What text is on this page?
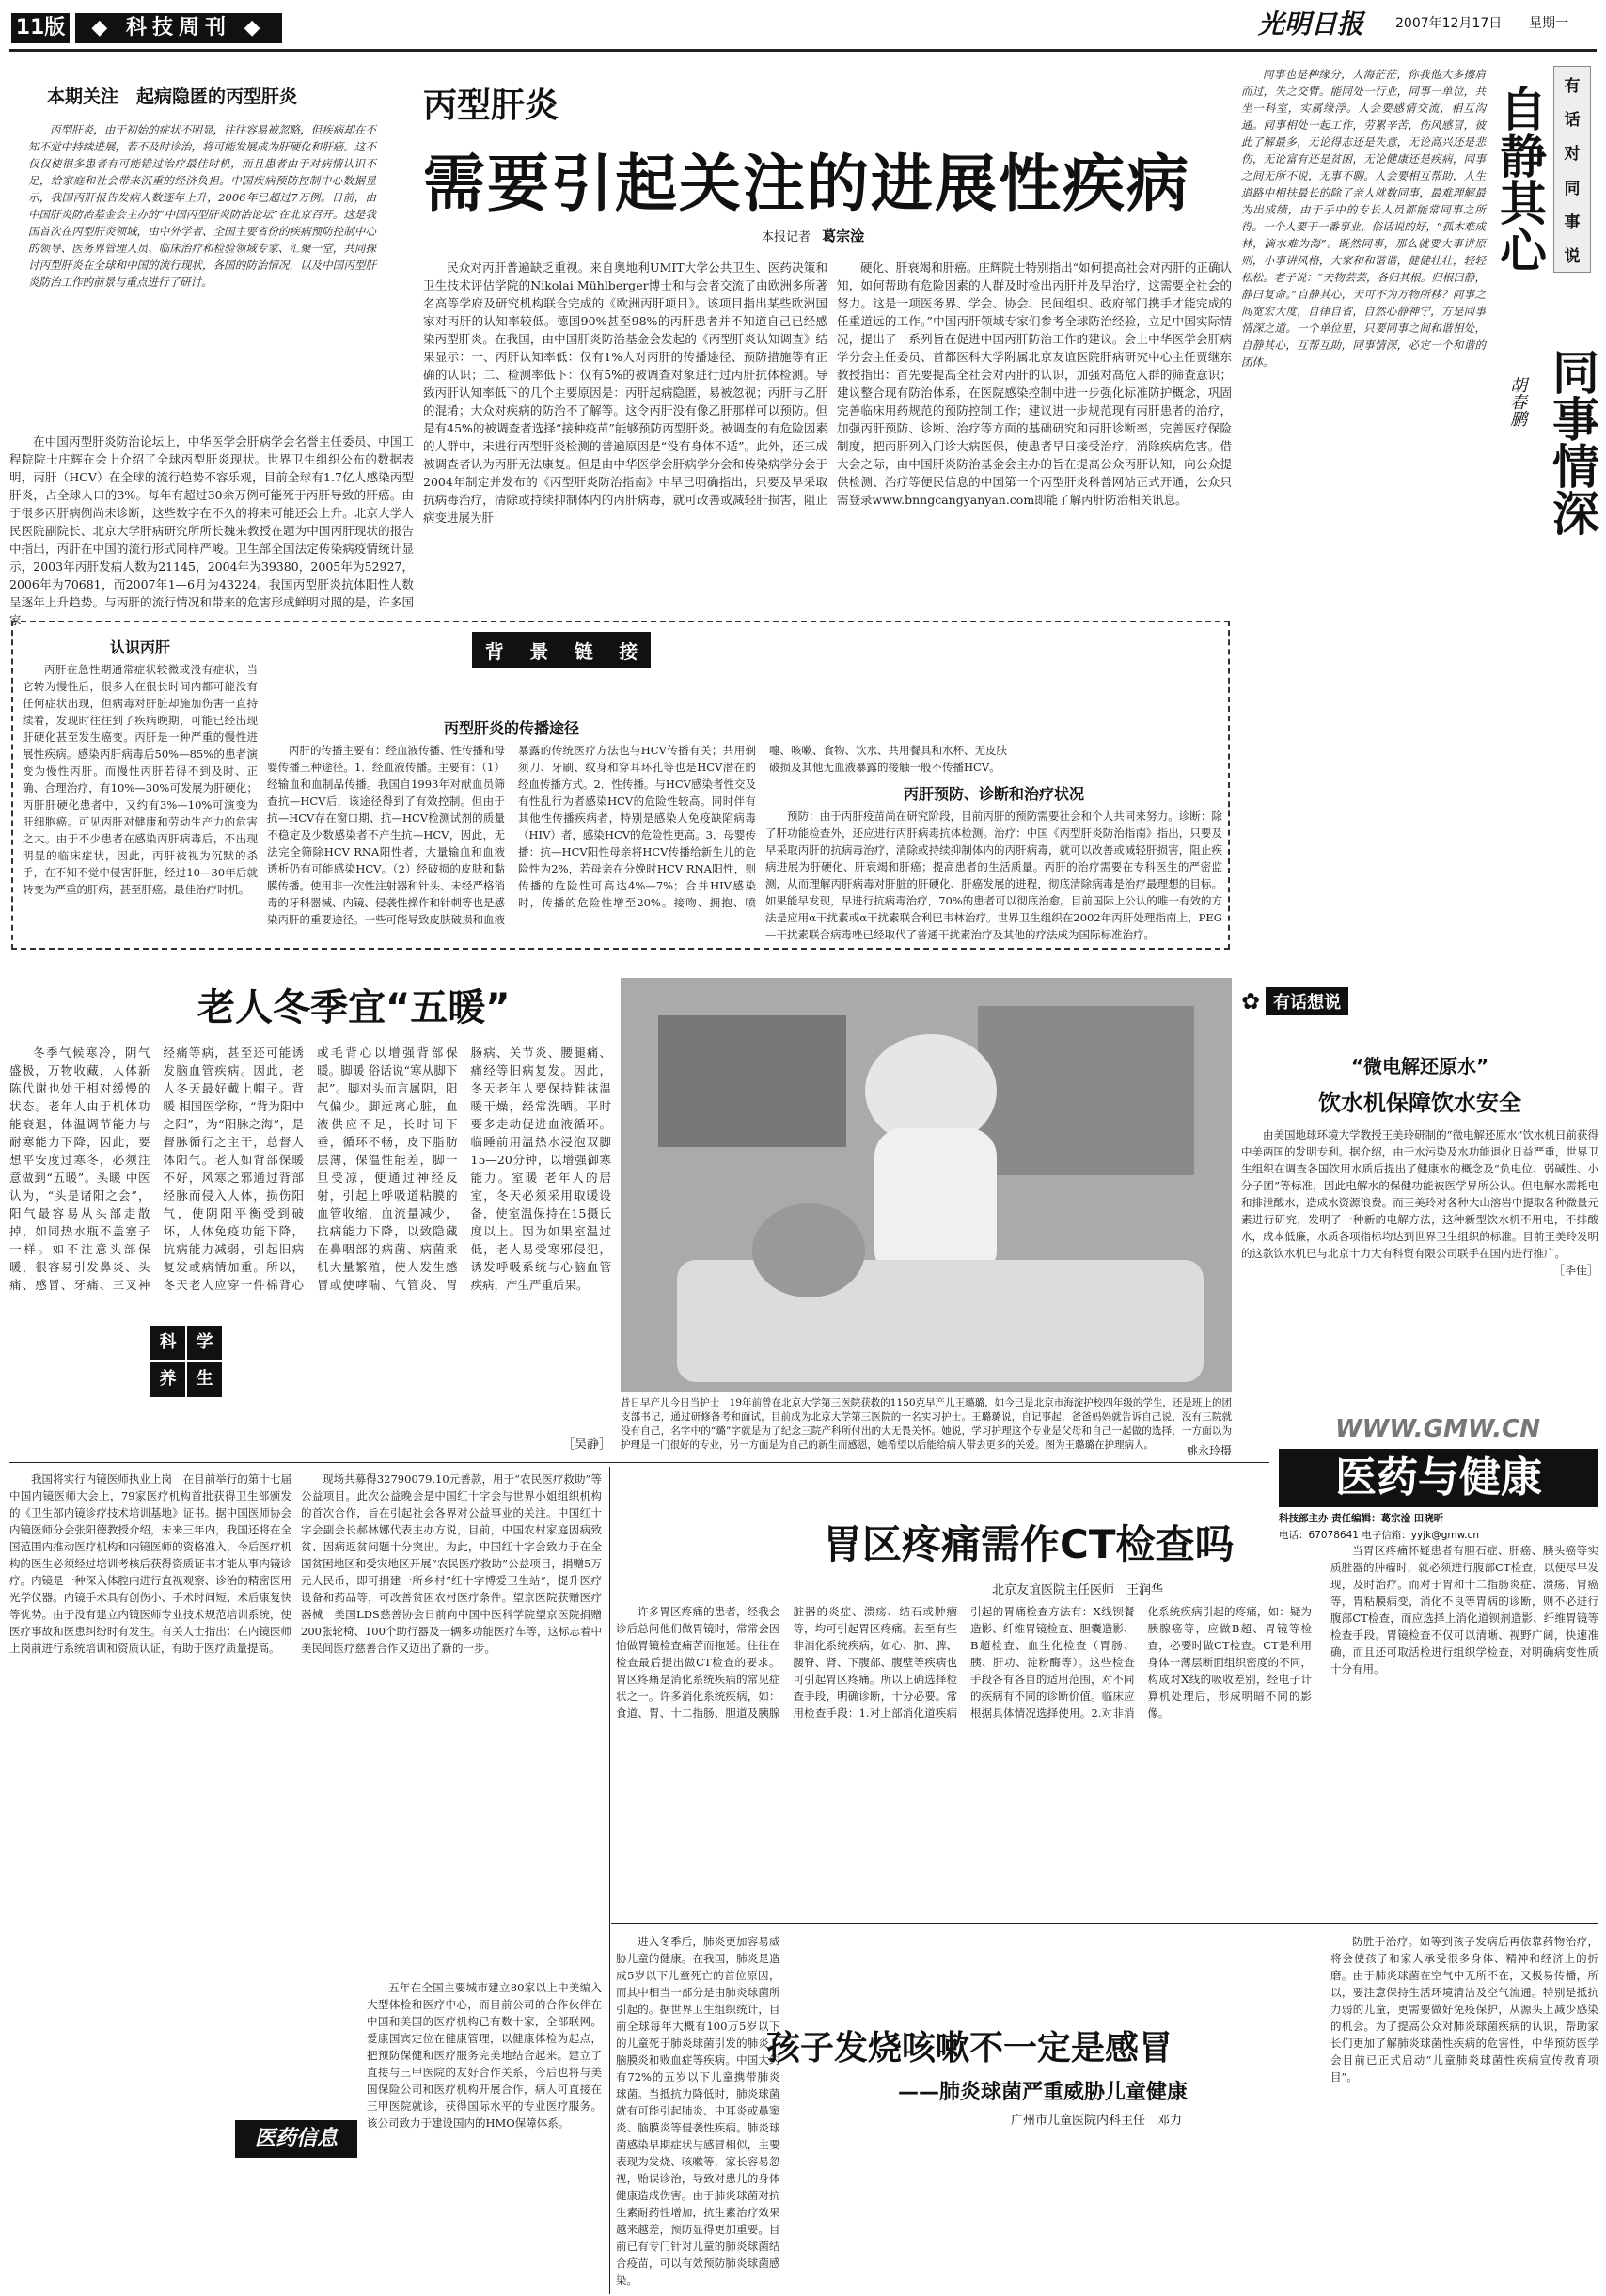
11版	◆ 科技周刊 ◆	光明日报	2007年12月17日	星期一
本期关注　起病隐匿的丙型肝炎
丙型肝炎，由于初始的症状不明显，往往容易被忽略，但疾病却在不知不觉中持续进展，若不及时诊治，将可能发展成为肝硬化和肝癌。这不仅仅使很多患者有可能错过治疗最佳时机，而且患者由于对病情认识不足，给家庭和社会带来沉重的经济负担。中国疾病预防控制中心数据显示，我国丙肝报告发病人数逐年上升，2006年已超过7万例。日前，由中国肝炎防治基金会主办的“中国丙型肝炎防治论坛”在北京召开。这是我国首次在丙型肝炎领域，由中外学者、全国主要省份的疾病预防控制中心的领导、医务界管理人员、临床治疗和检验领域专家、汇聚一堂，共同探讨丙型肝炎在全球和中国的流行现状，各国的防治情况，以及中国丙型肝炎防治工作的前景与重点进行了研讨。
丙型肝炎
需要引起关注的进展性疾病
本报记者 葛宗淦
在中国丙型肝炎防治论坛上，中华医学会肝病学会名誉主任委员、中国工程院院士庄辉在会上介绍了全球丙型肝炎现状。世界卫生组织公布的数据表明，丙肝（HCV）在全球的流行趋势不容乐观，目前全球有1.7亿人感染丙型肝炎，占全球人口的3%。每年有超过30余万例可能死于丙肝导致的肝癌。由于很多丙肝病例尚未诊断，这些数字在不久的将来可能还会上升。北京大学人民医院副院长、北京大学肝病研究所所长魏来教授在题为中国丙肝现状的报告中指出，丙肝在中国的流行形式同样严峻。卫生部全国法定传染病疫情统计显示，2003年丙肝发病人数为21145，2004年为39380，2005年为52927，2006年为70681，而2007年1—6月为43224。我国丙型肝炎抗体阳性人数呈逐年上升趋势。与丙肝的流行情况和带来的危害形成鲜明对照的是，许多国家
民众对丙肝普遍缺乏重视。来自奥地利UMIT大学公共卫生、医药决策和卫生技术评估学院的Nikolai Mühlberger博士和与会者交流了由欧洲多所著名高等学府及研究机构联合完成的《欧洲丙肝项目》。该项目指出某些欧洲国家对丙肝的认知率较低。德国90%甚至98%的丙肝患者并不知道自己已经感染丙型肝炎。在我国，由中国肝炎防治基金会发起的《丙型肝炎认知调查》结果显示：一、丙肝认知率低：仅有1%人对丙肝的传播途径、预防措施等有正确的认识；二、检测率低下：仅有5%的被调查对象进行过丙肝抗体检测。导致丙肝认知率低下的几个主要原因是：丙肝起病隐匿，易被忽视；丙肝与乙肝的混淆；大众对疾病的防治不了解等。这令丙肝没有像乙肝那样可以预防。但是有45%的被调查者选择“接种疫苗”能够预防丙型肝炎。被调查的有危险因素的人群中，未进行丙型肝炎检测的普遍原因是“没有身体不适”。此外，还三成被调查者认为丙肝无法康复。但是由中华医学会肝病学分会和传染病学分会于2004年制定并发布的《丙型肝炎防治指南》中早已明确指出，只要及早采取抗病毒治疗，清除或持续抑制体内的丙肝病毒，就可改善或减轻肝损害，阻止病变进展为肝
硬化、肝衰竭和肝癌。庄辉院士特别指出“如何提高社会对丙肝的正确认知，如何帮助有危险因素的人群及时检出丙肝并及早治疗，这需要全社会的努力。这是一项医务界、学会、协会、民间组织、政府部门携手才能完成的任重道远的工作。”中国丙肝领域专家们参考全球防治经验，立足中国实际情况，提出了一系列旨在促进中国丙肝防治工作的建议。会上中华医学会肝病学分会主任委员、首都医科大学附属北京友谊医院肝病研究中心主任贾继东教授指出：首先要提高全社会对丙肝的认识，加强对高危人群的筛查意识；建议整合现有防治体系，在医院感染控制中进一步强化标准防护概念，巩固完善临床用药规范的预防控制工作；建议进一步规范现有丙肝患者的治疗，加强丙肝预防、诊断、治疗等方面的基础研究和丙肝诊断率，完善医疗保险制度，把丙肝列入门诊大病医保，使患者早日接受治疗，消除疾病危害。借大会之际，由中国肝炎防治基金会主办的旨在提高公众丙肝认知，向公众提供检测、治疗等便民信息的中国第一个丙型肝炎科普网站正式开通，公众只需登录www.bnngcangyanyan.com即能了解丙肝防治相关讯息。
背 景 链 接
认识丙肝
丙肝在急性期通常症状较微或没有症状，当它转为慢性后，很多人在很长时间内都可能没有任何症状出现，但病毒对肝脏却施加伤害一直持续着，发现时往往到了疾病晚期，可能已经出现肝硬化甚至发生癌变。丙肝是一种严重的慢性进展性疾病。感染丙肝病毒后50%—85%的患者演变为慢性丙肝。而慢性丙肝若得不到及时、正确、合理治疗，有10%—30%可发展为肝硬化；丙肝肝硬化患者中，又约有3%—10%可演变为肝细胞癌。可见丙肝对健康和劳动生产力的危害之大。由于不少患者在感染丙肝病毒后，不出现明显的临床症状，因此，丙肝被视为沉默的杀手，在不知不觉中侵害肝脏，经过10—30年后就转变为严重的肝病，甚至肝癌。最佳治疗时机。
丙型肝炎的传播途径
丙肝的传播主要有：经血液传播、性传播和母婴传播三种途径。1．经血液传播。主要有：（1）经输血和血制品传播。我国自1993年对献血员筛查抗—HCV后，该途径得到了有效控制。但由于抗—HCV存在窗口期、抗—HCV检测试剂的质量不稳定及少数感染者不产生抗—HCV，因此，无法完全筛除HCV RNA阳性者，大量输血和血液透析仍有可能感染HCV。（2）经破损的皮肤和黏膜传播。使用非一次性注射器和针头、未经严格消毒的牙科器械、内镜、侵袭性操作和针刺等也是感染丙肝的重要途径。一些可能导致皮肤破损和血液暴露的传统医疗方法也与HCV传播有关；共用剃须刀、牙刷、纹身和穿耳环孔等也是HCV潜在的经血传播方式。2．性传播。与HCV感染者性交及有性乱行为者感染HCV的危险性较高。同时伴有其他性传播疾病者，特别是感染人免疫缺陷病毒（HIV）者，感染HCV的危险性更高。3．母婴传播：抗—HCV阳性母亲将HCV传播给新生儿的危险性为2%，若母亲在分娩时HCV RNA阳性，则传播的危险性可高达4%—7%；合并HIV感染时，传播的危险性增至20%。接吻、拥抱、喷嚏、咳嗽、食物、饮水、共用餐具和水杯、无皮肤破损及其他无血液暴露的接触一般不传播HCV。
丙肝预防、诊断和治疗状况
预防：由于丙肝疫苗尚在研究阶段，目前丙肝的预防需要社会和个人共同来努力。诊断：除了肝功能检查外，还应进行丙肝病毒抗体检测。治疗：中国《丙型肝炎防治指南》指出，只要及早采取丙肝的抗病毒治疗，清除或持续抑制体内的丙肝病毒，就可以改善或减轻肝损害，阻止疾病进展为肝硬化、肝衰竭和肝癌；提高患者的生活质量。丙肝的治疗需要在专科医生的严密监测，从而理解丙肝病毒对肝脏的肝硬化、肝癌发展的进程，彻底清除病毒是治疗最理想的目标。如果能早发现，早进行抗病毒治疗，70%的患者可以彻底治愈。目前国际上公认的唯一有效的方法是应用α干扰素或α干扰素联合利巴韦林治疗。世界卫生组织在2002年丙肝处理指南上，PEG—干扰素联合病毒唑已经取代了普通干扰素治疗及其他的疗法成为国际标准治疗。
同事也是种缘分，人海茫茫，你我他大多擦肩而过，失之交臂。能同处一行业，同事一单位，共坐一科室，实属缘浮。人会要感情交流，相互沟通。同事相处一起工作，劳累辛苦，伤风感冒，彼此了解最多，无论得志还是失意，无论高兴还是悲伤，无论富有还是贫困，无论健康还是疾病，同事之间无所不说，无事不聊。人会要相互帮助，人生道路中相扶最长的除了亲人就数同事，最难理解最为出成绩，由于手中的专长人员都能常同事之所得。一个人要干一番事业，俗话说的好，“孤木难成林，滴水难为海”。既然同事，那么就要大事讲原则，小事讲风格，大家和和谐谐，健健壮壮，轻轻松松。老子说：“夫物芸芸，各归其根。归根曰静，静曰复命。”自静其心，天可不为万物所移？同事之间宽宏大度，自律自省，自然心静神宁，方是同事情深之道。一个单位里，只要同事之间和谐相处，自静其心，互帮互助，同事情深，必定一个和谐的团体。
有
话
对
同
事
说
自静其心
同事情深
胡春鹏
✿ 有话想说
老人冬季宜“五暖”
科	学
养	生
冬季气候寒冷，阴气盛极，万物收藏，人体新陈代谢也处于相对缓慢的状态。老年人由于机体功能衰退，体温调节能力与耐寒能力下降，因此，要想平安度过寒冬，必须注意做到“五暖”。头暖 中医认为，“头是诸阳之会”，阳气最容易从头部走散掉，如同热水瓶不盖塞子一样。如不注意头部保暖，很容易引发鼻炎、头痛、感冒、牙痛、三叉神经痛等病，甚至还可能诱发脑血管疾病。因此，老人冬天最好戴上帽子。背暖 相国医学称，“背为阳中之阳”，为“阳脉之海”，是督脉循行之主干，总督人体阳气。老人如背部保暖不好，风寒之邪通过背部经脉而侵入人体，损伤阳气，使阴阳平衡受到破坏，人体免疫功能下降，抗病能力减弱，引起旧病复发或病情加重。所以，冬天老人应穿一件棉背心或毛背心以增强背部保暖。脚暖 俗话说“寒从脚下起”。脚对头而言属阴，阳气偏少。脚远离心脏，血液供应不足，长时间下垂，循环不畅，皮下脂肪层薄，保温性能差，脚一旦受凉，便通过神经反射，引起上呼吸道粘膜的血管收缩，血流量减少，抗病能力下降，以致隐藏在鼻咽部的病菌、病菌乘机大量繁殖，使人发生感冒或使哮喘、气管炎、胃肠病、关节炎、腰腿痛、痛经等旧病复发。因此，冬天老年人要保持鞋袜温暖干燥，经常洗晒。平时要多走动促进血液循环。临睡前用温热水浸泡双脚15—20分钟，以增强御寒能力。室暖 老年人的居室，冬天必须采用取暖设备，使室温保持在15摄氏度以上。因为如果室温过低，老人易受寒邪侵犯，诱发呼吸系统与心脑血管疾病，产生严重后果。
［吴静］
昔日早产儿今日当护士　19年前曾在北京大学第三医院获救的1150克早产儿王璐璐，如今已是北京市海淀护校四年级的学生，还是班上的团支部书记，通过研修备考和面试，目前成为北京大学第三医院的一名实习护士。王璐璐说，自记事起，爸爸妈妈就告诉自己说，没有三院就没有自己，名字中的“璐”字就是为了纪念三院产科所付出的大无畏关怀。她说，学习护理这个专业是父母和自己一起做的选择，一方面以为护理是一门很好的专业，另一方面是为自己的新生而感恩，她希望以后能给病人带去更多的关爱。图为王璐璐在护理病人。	姚永玲摄
“微电解还原水”
饮水机保障饮水安全
由美国地球环境大学教授王美玲研制的“微电解还原水”饮水机日前获得中美两国的发明专利。据介绍，由于水污染及水功能退化日益严重，世界卫生组织在调查各国饮用水质后提出了健康水的概念及“负电位、弱碱性、小分子团”等标准，因此电解水的保健功能被医学界所公认。但电解水需耗电和排泄酸水，造成水资源浪费。而王美玲对各种大山溶岩中提取各种微量元素进行研究，发明了一种新的电解方法，这种新型饮水机不用电，不排酸水，成本低廉，水质各项指标均达到世界卫生组织的标准。目前王美玲发明的这款饮水机已与北京十力大有科贸有限公司联手在国内进行推广。
［毕佳］
WWW.GMW.CN
医药与健康
科技部主办 责任编辑：葛宗淦 田晓昕
电话：67078641 电子信箱：yyjk@gmw.cn
我国将实行内镜医师执业上岗　在目前举行的第十七届中国内镜医师大会上，79家医疗机构首批获得卫生部颁发的《卫生部内镜诊疗技术培训基地》证书。据中国医师协会内镜医师分会张阳德教授介绍，未来三年内，我国还将在全国范围内推动医疗机构和内镜医师的资格准入，今后医疗机构的医生必须经过培训考核后获得资质证书才能从事内镜诊疗。内镜是一种深入体腔内进行直视观察、诊治的精密医用光学仪器。内镜手术具有创伤小、手术时间短、术后康复快等优势。由于没有建立内镜医师专业技术规范培训系统，使医疗事故和医患纠纷时有发生。有关人士指出：在内镜医师上岗前进行系统培训和资质认证，有助于医疗质量提高。
医药信息
现场共募得32790079.10元善款，用于“农民医疗救助”等公益项目。此次公益晚会是中国红十字会与世界小姐组织机构的首次合作，旨在引起社会各界对公益事业的关注。中国红十字会副会长郝林娜代表主办方说，目前，中国农村家庭因病致贫、因病返贫问题十分突出。为此，中国红十字会致力于在全国贫困地区和受灾地区开展“农民医疗救助”公益项目，捐赠5万元人民币，即可捐建一所乡村“红十字博爱卫生站”，提升医疗设备和药品等，可改善贫困农村医疗条件。望京医院获赠医疗器械　美国LDS慈善协会日前向中国中医科学院望京医院捐赠200张轮椅、100个助行器及一辆多功能医疗车等，这标志着中美民间医疗慈善合作又迈出了新的一步。
五年在全国主要城市建立80家以上中美编入大型体检和医疗中心，而目前公司的合作伙伴在中国和美国的医疗机构已有数十家，全部联网。爱康国宾定位在健康管理，以健康体检为起点，把预防保健和医疗服务完美地结合起来。建立了直接与三甲医院的友好合作关系，今后也将与美国保险公司和医疗机构开展合作，病人可直接在三甲医院就诊，获得国际水平的专业医疗服务。该公司致力于建设国内的HMO保障体系。
胃区疼痛需作CT检查吗
北京友谊医院主任医师　王润华
许多胃区疼痛的患者，经我会诊后总问他们做胃镜时，常常会因怕做胃镜检查痛苦而拖延。往往在检查最后提出做CT检查的要求。胃区疼痛是消化系统疾病的常见症状之一。许多消化系统疾病，如：食道、胃、十二指肠、胆道及胰腺脏器的炎症、溃疡、结石或肿瘤等，均可引起胃区疼痛。甚至有些非消化系统疾病，如心、肺、脾、腰脊、肾、下腹部、腹壁等疾病也可引起胃区疼痛。所以正确选择检查手段，明确诊断，十分必要。常用检查手段：1.对上部消化道疾病引起的胃痛检查方法有：X线钡餐造影、纤维胃镜检查、胆囊造影、B超检查、血生化检查（胃肠、胰、肝功、淀粉酶等）。这些检查手段各有各自的适用范围，对不同的疾病有不同的诊断价值。临床应根据具体情况选择使用。2.对非消化系统疾病引起的疼痛，如：疑为胰腺癌等，应做B超、胃镜等检查，必要时做CT检查。CT是利用身体一薄层断面组织密度的不同，构成对X线的吸收差别，经电子计算机处理后，形成明暗不同的影像。
当胃区疼痛怀疑患者有胆石症、肝癌、胰头癌等实质脏器的肿瘤时，就必须进行腹部CT检查，以便尽早发现，及时治疗。而对于胃和十二指肠炎症、溃疡、胃癌等，胃粘膜病变，消化不良等胃病的诊断，则不必进行腹部CT检查，而应选择上消化道钡剂造影、纤维胃镜等检查手段。胃镜检查不仅可以清晰、视野广阔，快速准确，而且还可取活检进行组织学检查，对明确病变性质十分有用。
孩子发烧咳嗽不一定是感冒
——肺炎球菌严重威胁儿童健康
广州市儿童医院内科主任　邓力
进入冬季后，肺炎更加容易威胁儿童的健康。在我国，肺炎是造成5岁以下儿童死亡的首位原因，而其中相当一部分是由肺炎球菌所引起的。据世界卫生组织统计，目前全球每年大概有100万5岁以下的儿童死于肺炎球菌引发的肺炎、脑膜炎和败血症等疾病。中国大约有72%的五岁以下儿童携带肺炎球菌。当抵抗力降低时，肺炎球菌就有可能引起肺炎、中耳炎或鼻窦炎、脑膜炎等侵袭性疾病。肺炎球菌感染早期症状与感冒相似，主要表现为发烧、咳嗽等，家长容易忽视，贻误诊治，导致对患儿的身体健康造成伤害。由于肺炎球菌对抗生素耐药性增加，抗生素治疗效果越来越差，预防显得更加重要。目前已有专门针对儿童的肺炎球菌结合疫苗，可以有效预防肺炎球菌感染。
防胜于治疗。如等到孩子发病后再依靠药物治疗，将会使孩子和家人承受很多身体、精神和经济上的折磨。由于肺炎球菌在空气中无所不在，又极易传播，所以，要注意保持生活环境清洁及空气流通。特别是抵抗力弱的儿童，更需要做好免疫保护，从源头上减少感染的机会。为了提高公众对肺炎球菌疾病的认识，帮助家长们更加了解肺炎球菌性疾病的危害性，中华预防医学会目前已正式启动“儿童肺炎球菌性疾病宣传教育项目”。
